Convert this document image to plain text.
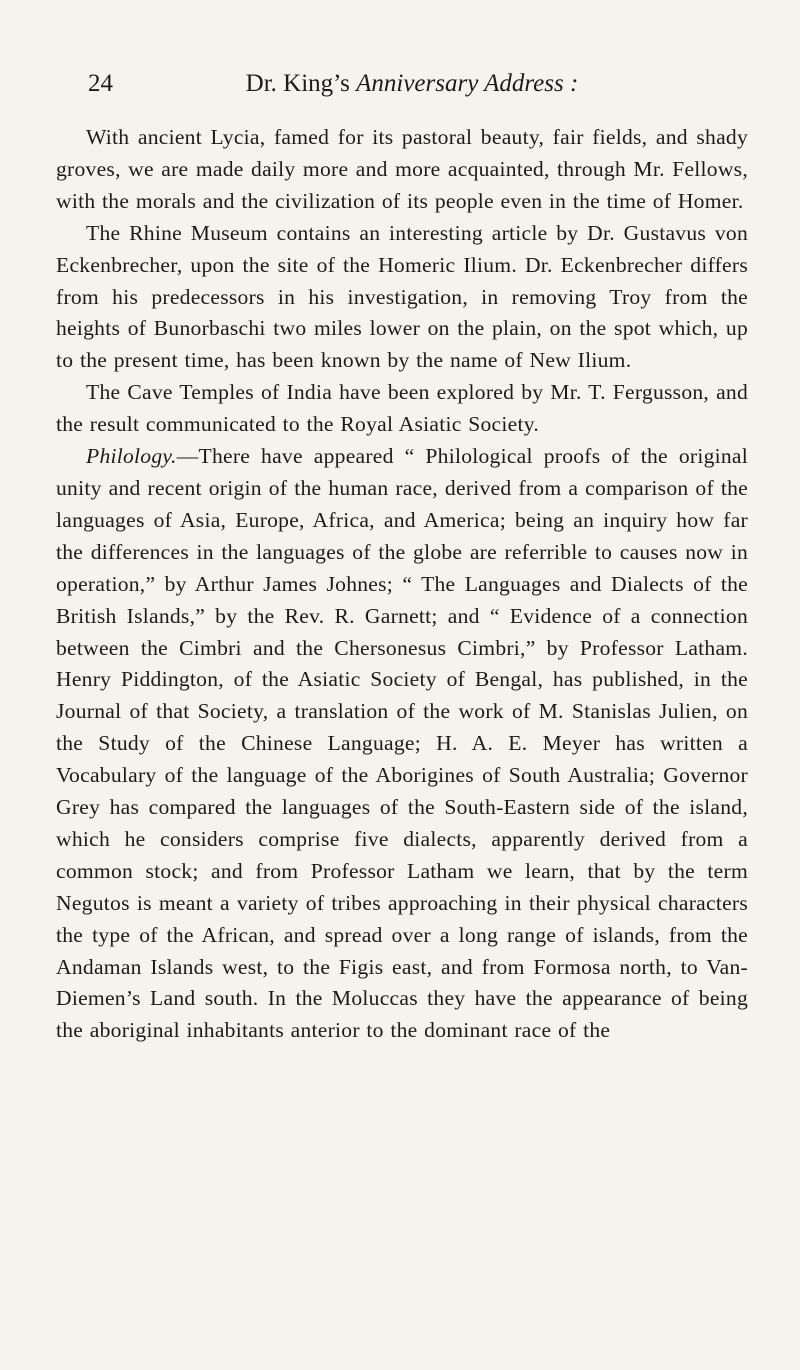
24	Dr. King’s Anniversary Address :

With ancient Lycia, famed for its pastoral beauty, fair fields, and shady groves, we are made daily more and more acquainted, through Mr. Fellows, with the morals and the civilization of its people even in the time of Homer.

The Rhine Museum contains an interesting article by Dr. Gustavus von Eckenbrecher, upon the site of the Homeric Ilium. Dr. Eckenbrecher differs from his predecessors in his investigation, in removing Troy from the heights of Bunorbaschi two miles lower on the plain, on the spot which, up to the present time, has been known by the name of New Ilium.

The Cave Temples of India have been explored by Mr. T. Fergusson, and the result communicated to the Royal Asiatic Society.

Philology.—There have appeared “ Philological proofs of the original unity and recent origin of the human race, derived from a comparison of the languages of Asia, Europe, Africa, and America; being an inquiry how far the differences in the languages of the globe are referrible to causes now in operation,” by Arthur James Johnes; “ The Languages and Dialects of the British Islands,” by the Rev. R. Garnett; and “ Evidence of a connection between the Cimbri and the Chersonesus Cimbri,” by Professor Latham. Henry Piddington, of the Asiatic Society of Bengal, has published, in the Journal of that Society, a translation of the work of M. Stanislas Julien, on the Study of the Chinese Language; H. A. E. Meyer has written a Vocabulary of the language of the Aborigines of South Australia; Governor Grey has compared the languages of the South-Eastern side of the island, which he considers comprise five dialects, apparently derived from a common stock; and from Professor Latham we learn, that by the term Negutos is meant a variety of tribes approaching in their physical characters the type of the African, and spread over a long range of islands, from the Andaman Islands west, to the Figis east, and from Formosa north, to Van-Diemen’s Land south. In the Moluccas they have the appearance of being the aboriginal inhabitants anterior to the dominant race of the
